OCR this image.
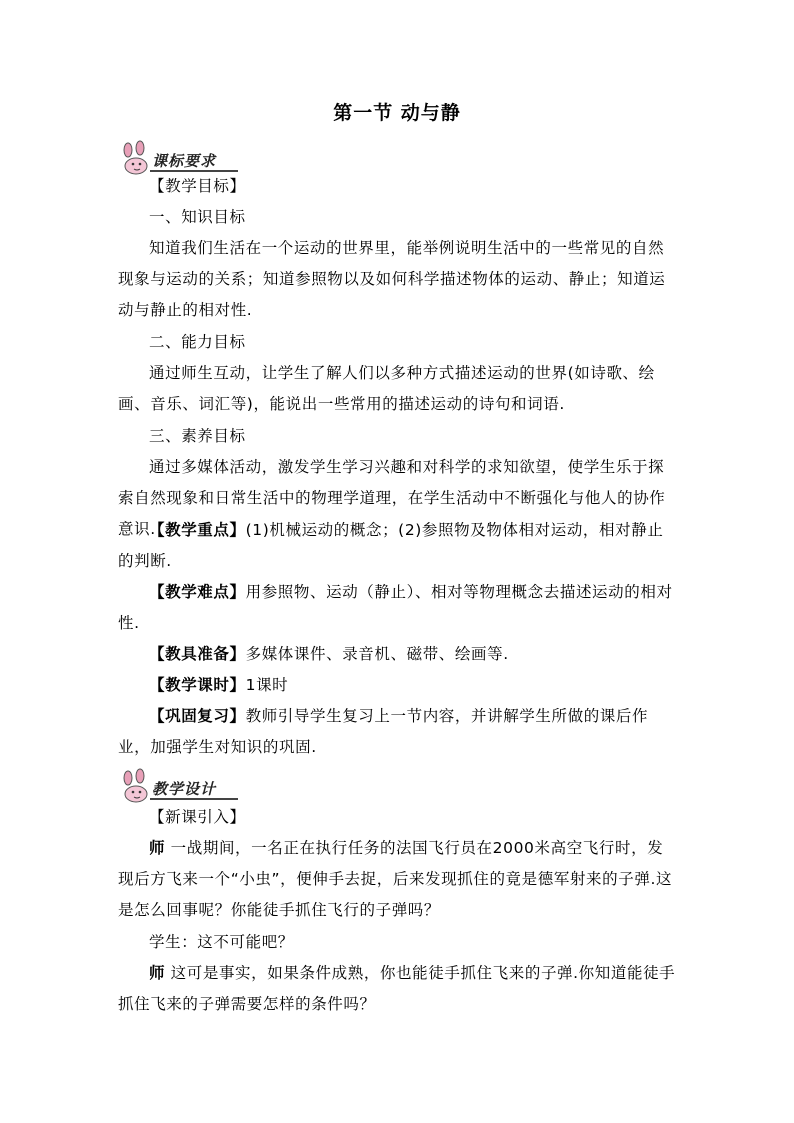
第一节 动与静
课标要求
【教学目标】
一、知识目标
知道我们生活在一个运动的世界里，能举例说明生活中的一些常见的自然现象与运动的关系；知道参照物以及如何科学描述物体的运动、静止；知道运动与静止的相对性.
二、能力目标
通过师生互动，让学生了解人们以多种方式描述运动的世界(如诗歌、绘画、音乐、词汇等)，能说出一些常用的描述运动的诗句和词语.
三、素养目标
通过多媒体活动，激发学生学习兴趣和对科学的求知欲望，使学生乐于探索自然现象和日常生活中的物理学道理，在学生活动中不断强化与他人的协作意识.
【教学重点】(1)机械运动的概念；(2)参照物及物体相对运动，相对静止的判断.
【教学难点】用参照物、运动（静止）、相对等物理概念去描述运动的相对性.
【教具准备】多媒体课件、录音机、磁带、绘画等.
【教学课时】1课时
【巩固复习】教师引导学生复习上一节内容，并讲解学生所做的课后作业，加强学生对知识的巩固.
教学设计
【新课引入】
师 一战期间，一名正在执行任务的法国飞行员在2000米高空飞行时，发现后方飞来一个“小虫”，便伸手去捉，后来发现抓住的竟是德军射来的子弹.这是怎么回事呢？你能徒手抓住飞行的子弹吗？
学生：这不可能吧？
师 这可是事实，如果条件成熟，你也能徒手抓住飞来的子弹.你知道能徒手抓住飞来的子弹需要怎样的条件吗？
